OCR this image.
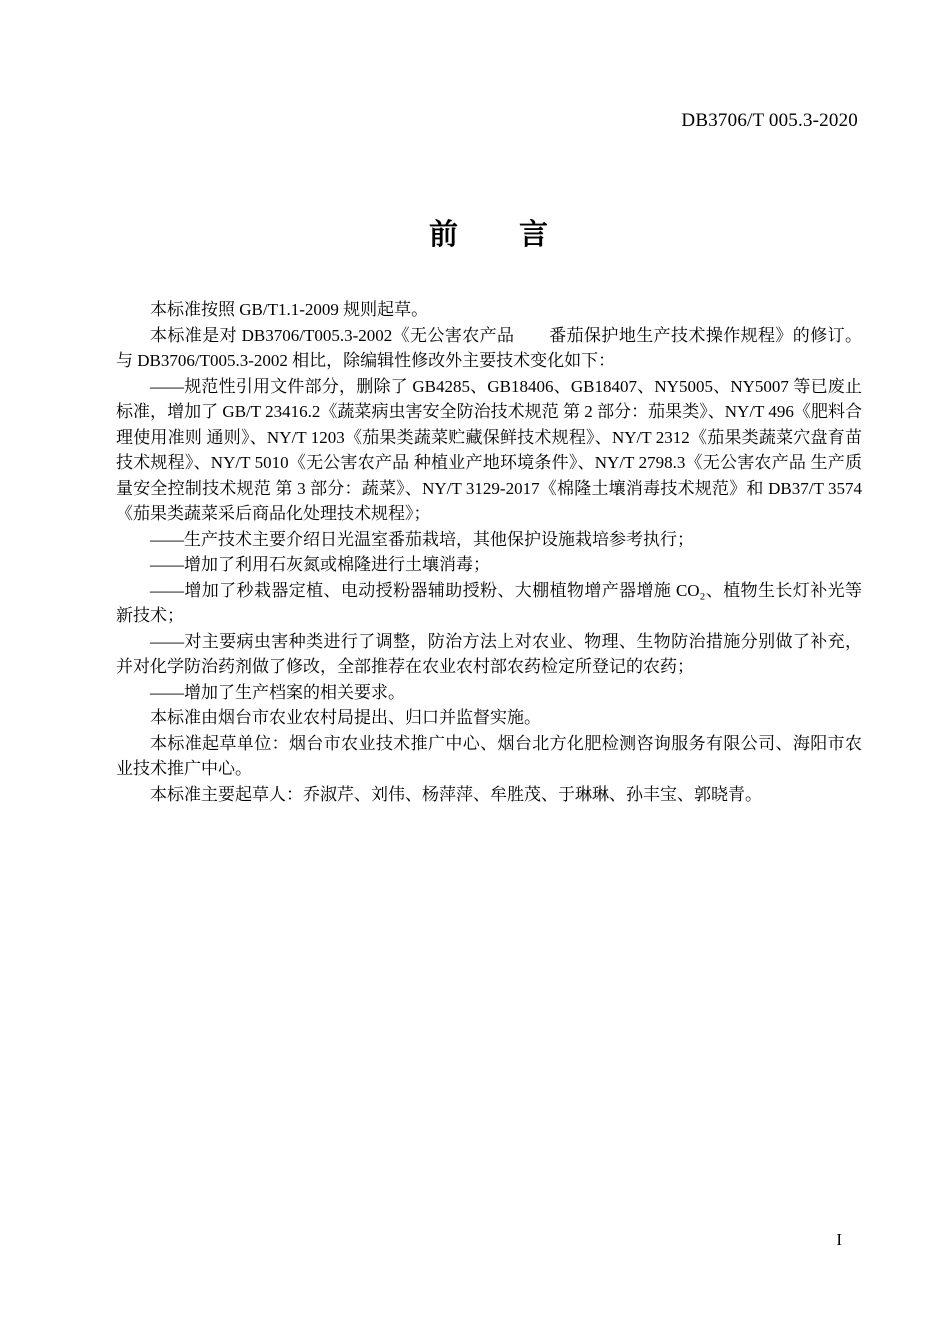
DB3706/T 005.3-2020
前　　言

本标准按照 GB/T1.1-2009 规则起草。

本标准是对 DB3706/T005.3-2002《无公害农产品　　番茄保护地生产技术操作规程》的修订。与 DB3706/T005.3-2002 相比，除编辑性修改外主要技术变化如下：

——规范性引用文件部分，删除了 GB4285、GB18406、GB18407、NY5005、NY5007 等已废止标准，增加了 GB/T 23416.2《蔬菜病虫害安全防治技术规范 第 2 部分：茄果类》、NY/T 496《肥料合理使用准则 通则》、NY/T 1203《茄果类蔬菜贮藏保鲜技术规程》、NY/T 2312《茄果类蔬菜穴盘育苗技术规程》、NY/T 5010《无公害农产品 种植业产地环境条件》、NY/T 2798.3《无公害农产品 生产质量安全控制技术规范 第 3 部分：蔬菜》、NY/T 3129-2017《棉隆土壤消毒技术规范》和 DB37/T 3574《茄果类蔬菜采后商品化处理技术规程》；

——生产技术主要介绍日光温室番茄栽培，其他保护设施栽培参考执行；

——增加了利用石灰氮或棉隆进行土壤消毒；

——增加了秒栽器定植、电动授粉器辅助授粉、大棚植物增产器增施 CO₂、植物生长灯补光等新技术；

——对主要病虫害种类进行了调整，防治方法上对农业、物理、生物防治措施分别做了补充，并对化学防治药剂做了修改，全部推荐在农业农村部农药检定所登记的农药；

——增加了生产档案的相关要求。

本标准由烟台市农业农村局提出、归口并监督实施。

本标准起草单位：烟台市农业技术推广中心、烟台北方化肥检测咨询服务有限公司、海阳市农业技术推广中心。

本标准主要起草人：乔淑芹、刘伟、杨萍萍、牟胜茂、于琳琳、孙丰宝、郭晓青。

I
